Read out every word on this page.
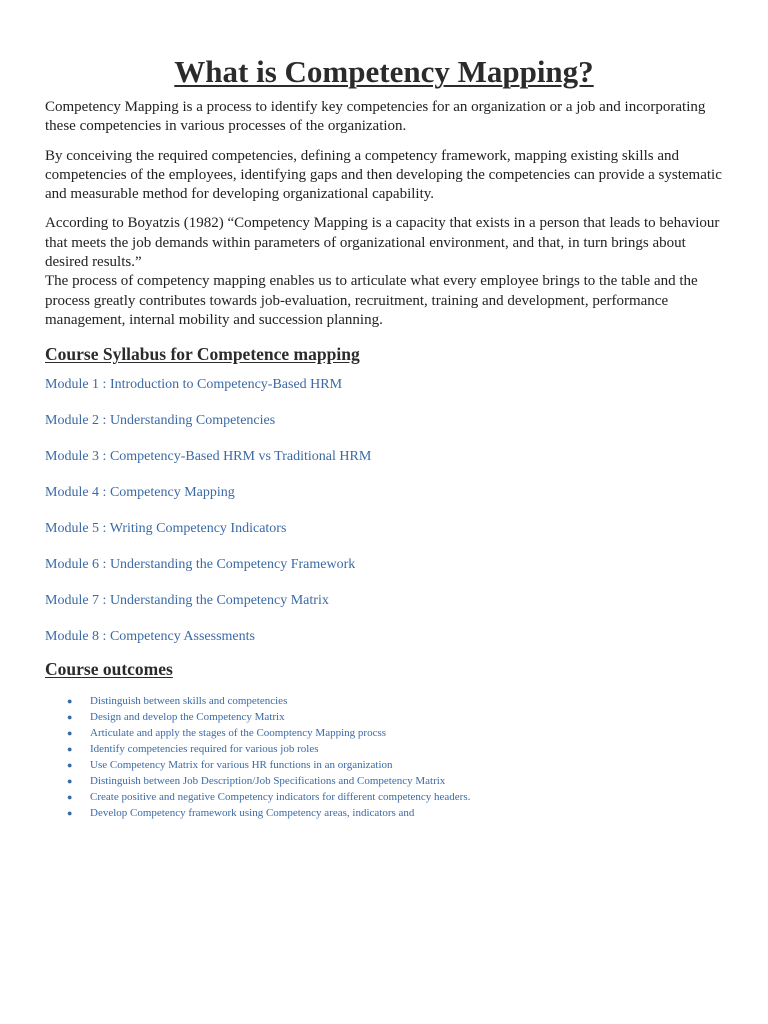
What is Competency Mapping?

Competency Mapping is a process to identify key competencies for an organization or a job and incorporating these competencies in various processes of the organization.

By conceiving the required competencies, defining a competency framework, mapping existing skills and competencies of the employees, identifying gaps and then developing the competencies can provide a systematic and measurable method for developing organizational capability.

According to Boyatzis (1982) “Competency Mapping is a capacity that exists in a person that leads to behaviour that meets the job demands within parameters of organizational environment, and that, in turn brings about desired results.”

The process of competency mapping enables us to articulate what every employee brings to the table and the process greatly contributes towards job-evaluation, recruitment, training and development, performance management, internal mobility and succession planning.

Course Syllabus for Competence mapping
Module 1 : Introduction to Competency-Based HRM
Module 2 : Understanding Competencies
Module 3 : Competency-Based HRM vs Traditional HRM
Module 4 : Competency Mapping
Module 5 : Writing Competency Indicators
Module 6 : Understanding the Competency Framework
Module 7 : Understanding the Competency Matrix
Module 8 : Competency Assessments
Course outcomes
● Distinguish between skills and competencies
● Design and develop the Competency Matrix
● Articulate and apply the stages of the Coomptency Mapping procss
● Identify competencies required for various job roles
● Use Competency Matrix for various HR functions in an organization
● Distinguish between Job Description/Job Specifications and Competency Matrix
● Create positive and negative Competency indicators for different competency headers.
● Develop Competency framework using Competency areas, indicators and
